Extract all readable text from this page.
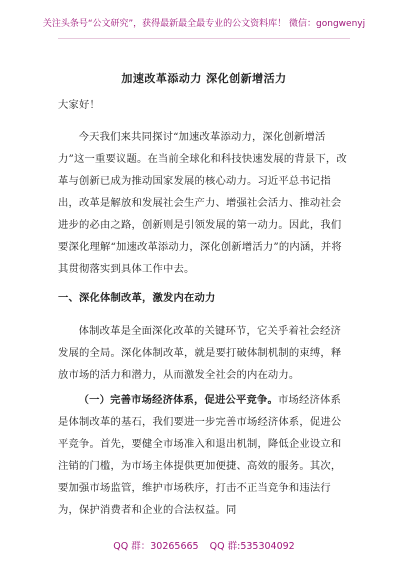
关注头条号“公文研究”，获得最新最全最专业的公文资料库！ 微信：gongwenyj
加速改革添动力 深化创新增活力
大家好！
今天我们来共同探讨“加速改革添动力，深化创新增活力”这一重要议题。在当前全球化和科技快速发展的背景下，改革与创新已成为推动国家发展的核心动力。习近平总书记指出，改革是解放和发展社会生产力、增强社会活力、推动社会进步的必由之路，创新则是引领发展的第一动力。因此，我们要深化理解“加速改革添动力，深化创新增活力”的内涵，并将其贯彻落实到具体工作中去。
一、深化体制改革，激发内在动力
体制改革是全面深化改革的关键环节，它关乎着社会经济发展的全局。深化体制改革，就是要打破体制机制的束缚，释放市场的活力和潜力，从而激发全社会的内在动力。
（一）完善市场经济体系，促进公平竞争。市场经济体系是体制改革的基石，我们要进一步完善市场经济体系，促进公平竞争。首先，要健全市场准入和退出机制，降低企业设立和注销的门槛，为市场主体提供更加便捷、高效的服务。其次，要加强市场监管，维护市场秩序，打击不正当竞争和违法行为，保护消费者和企业的合法权益。同
QQ 群：30265665 QQ 群:535304092
